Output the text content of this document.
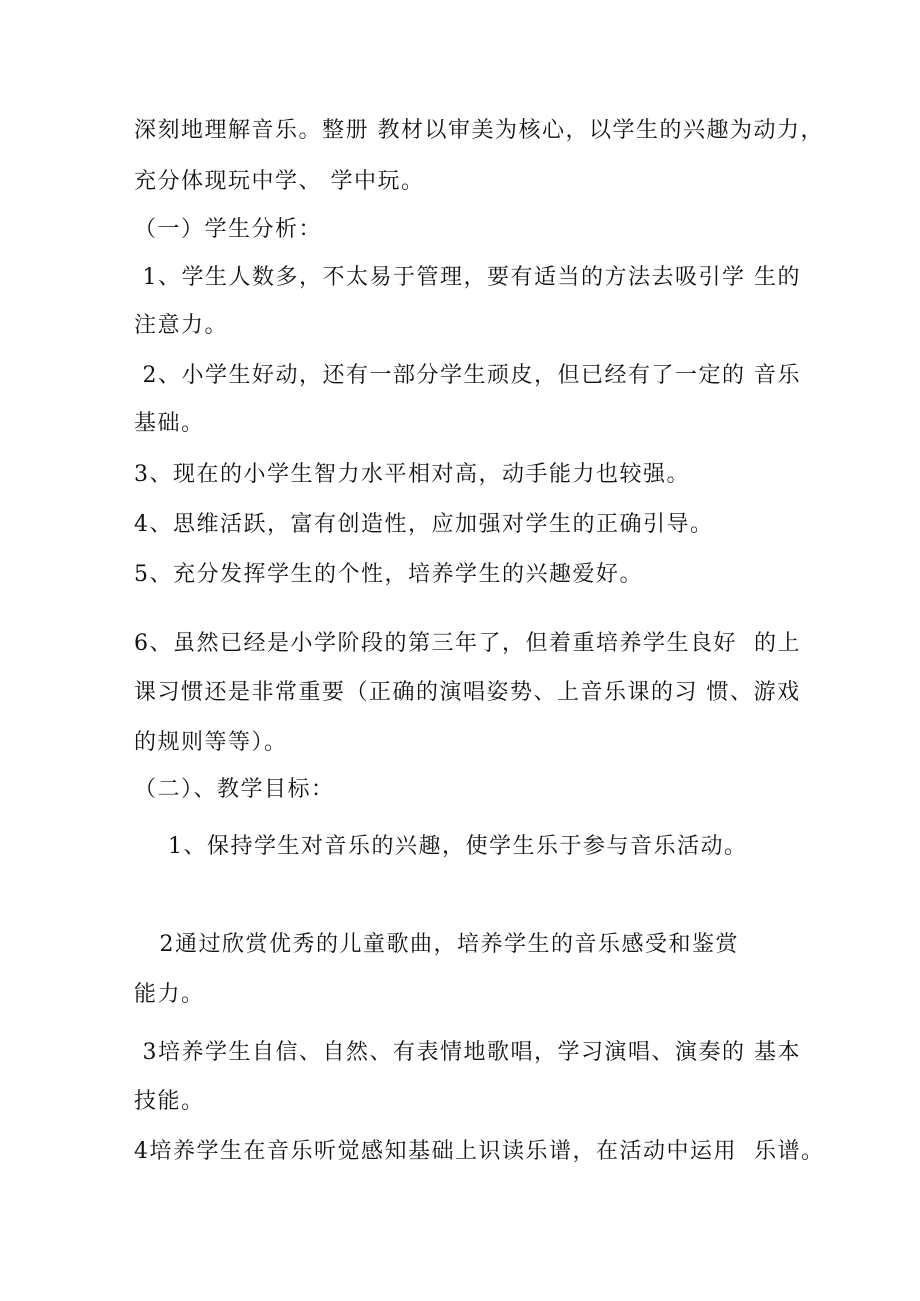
深刻地理解音乐。整册 教材以审美为核心，以学生的兴趣为动力，
充分体现玩中学、 学中玩。
（一）学生分析：
1、学生人数多，不太易于管理，要有适当的方法去吸引学 生的
注意力。
2、小学生好动，还有一部分学生顽皮，但已经有了一定的 音乐
基础。
3、现在的小学生智力水平相对高，动手能力也较强。
4、思维活跃，富有创造性，应加强对学生的正确引导。
5、充分发挥学生的个性，培养学生的兴趣爱好。
6、虽然已经是小学阶段的第三年了，但着重培养学生良好  的上
课习惯还是非常重要（正确的演唱姿势、上音乐课的习 惯、游戏
的规则等等）。
（二）、教学目标：
1、保持学生对音乐的兴趣，使学生乐于参与音乐活动。
2通过欣赏优秀的儿童歌曲，培养学生的音乐感受和鉴赏
能力。
3培养学生自信、自然、有表情地歌唱，学习演唱、演奏的 基本
技能。
4培养学生在音乐听觉感知基础上识读乐谱，在活动中运用  乐谱。
